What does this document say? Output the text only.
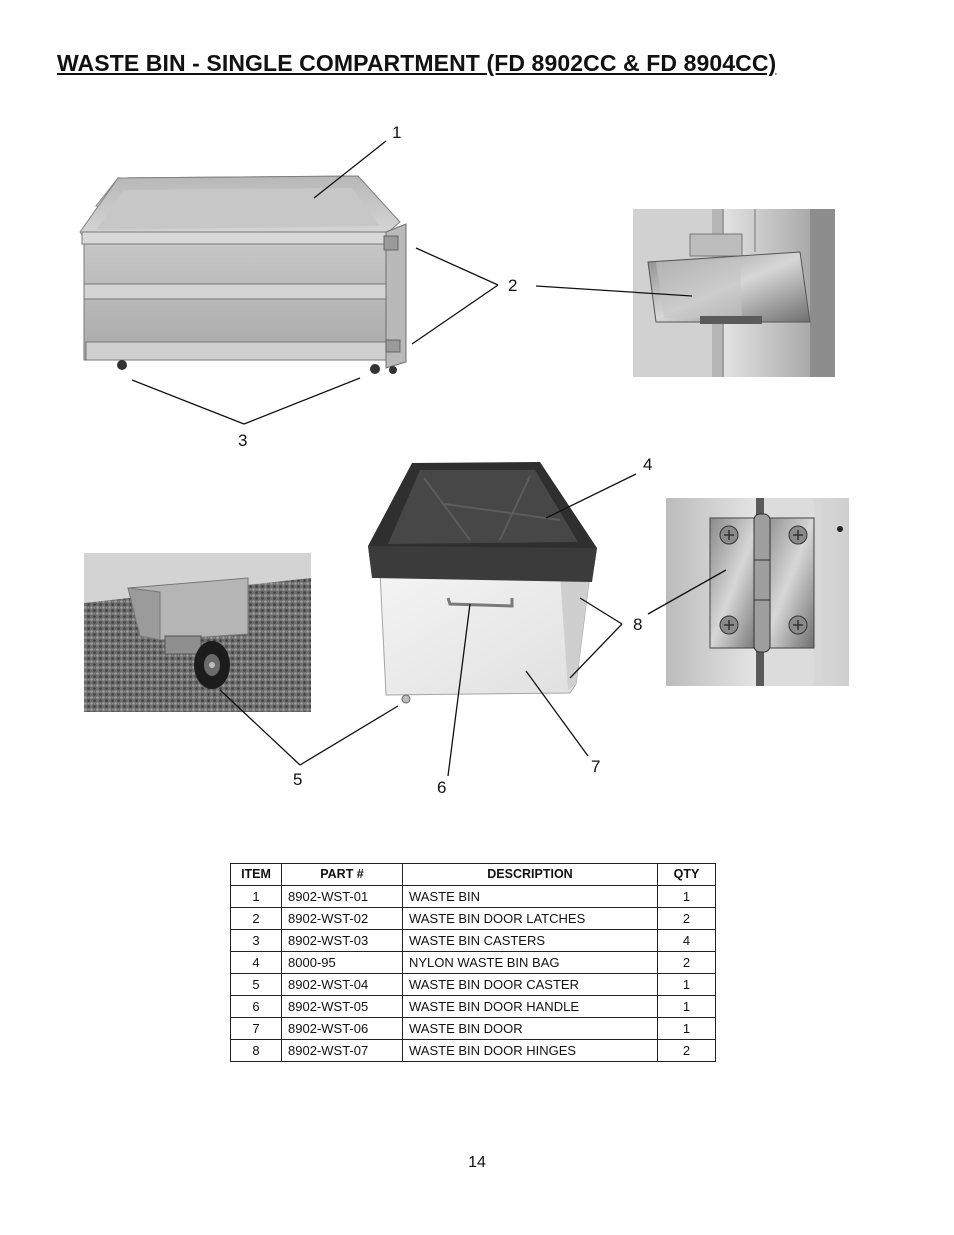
WASTE BIN - SINGLE COMPARTMENT (FD 8902CC & FD 8904CC)
1
2
3
4
5	6
7
8
ITEM	PART #	DESCRIPTION	QTY
1	8902-WST-01	WASTE BIN	1
2	8902-WST-02	WASTE BIN DOOR LATCHES	2
3	8902-WST-03	WASTE BIN CASTERS	4
4	8000-95	NYLON WASTE BIN BAG	2
5	8902-WST-04	WASTE BIN DOOR CASTER	1
6	8902-WST-05	WASTE BIN DOOR HANDLE	1
7	8902-WST-06	WASTE BIN DOOR	1
8	8902-WST-07	WASTE BIN DOOR HINGES	2
14
